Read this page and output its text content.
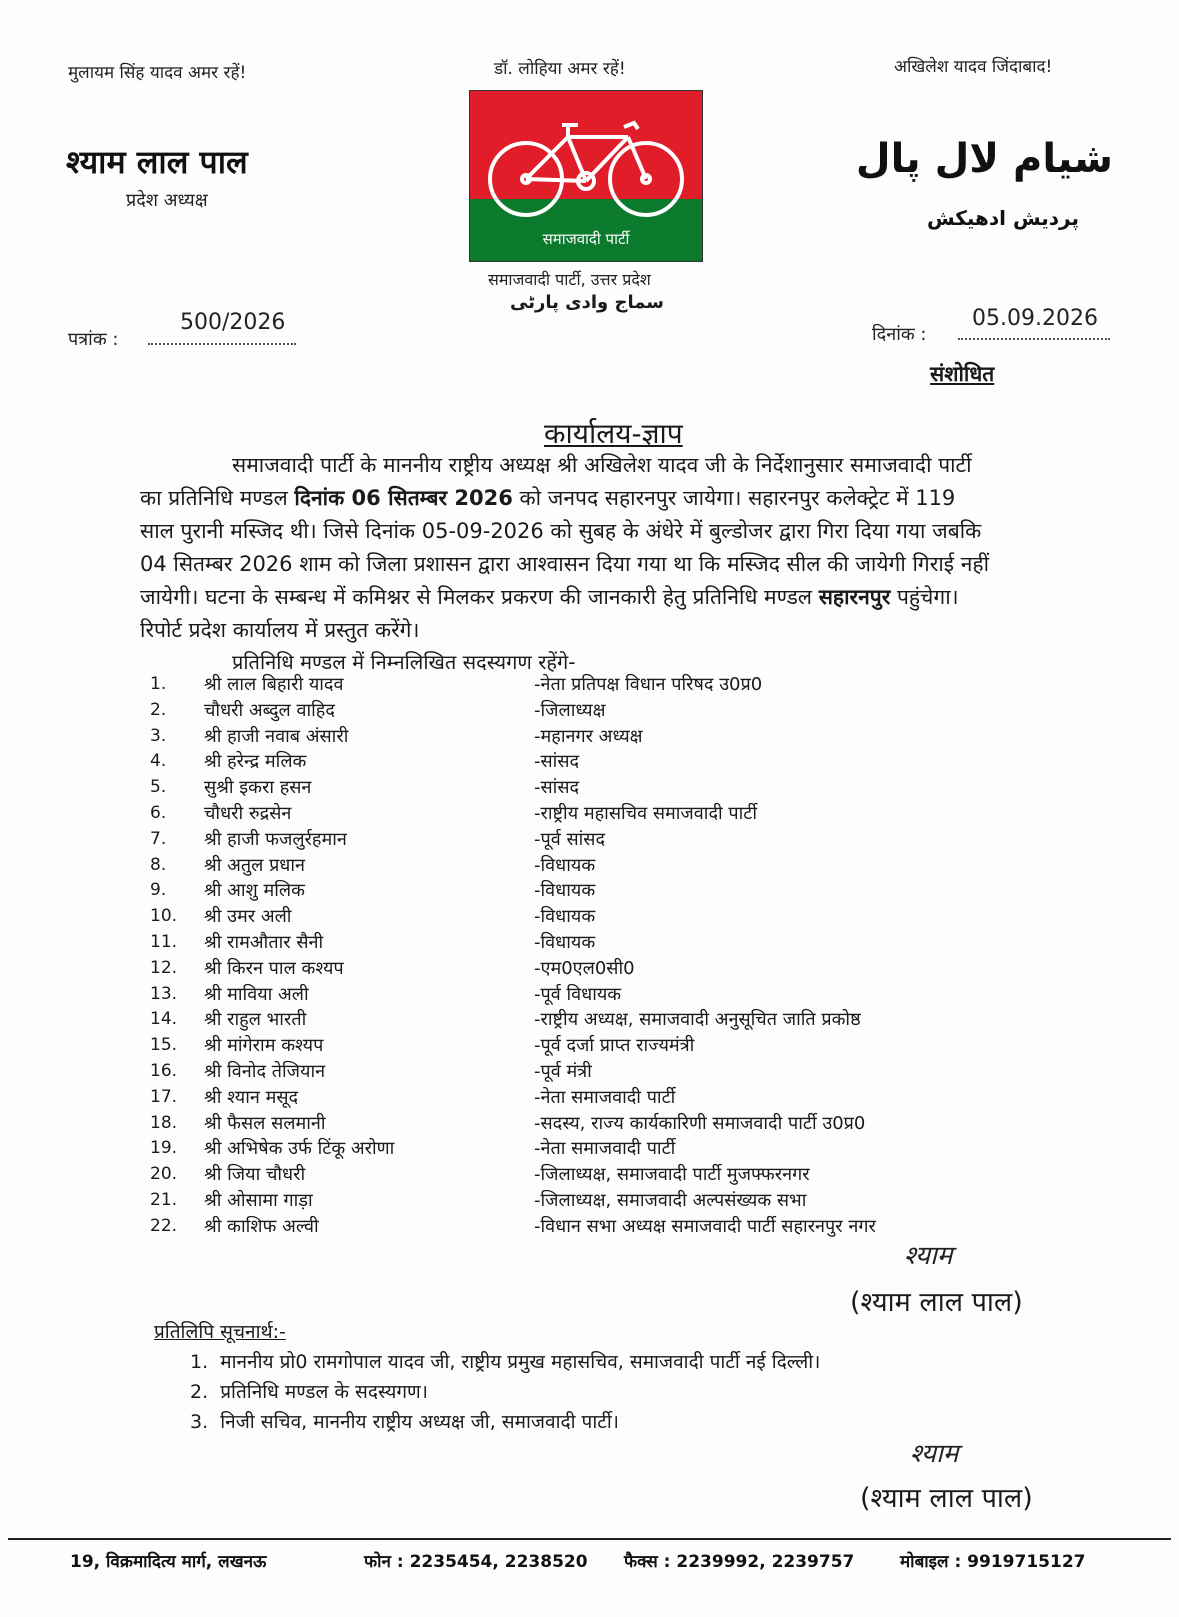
मुलायम सिंह यादव अमर रहें!	डॉ. लोहिया अमर रहें!	अखिलेश यादव जिंदाबाद!
श्याम लाल पाल
प्रदेश अध्यक्ष
شیام لال پال
پردیش ادھیکش
समाजवादी पार्टी
समाजवादी पार्टी, उत्तर प्रदेश
سماج وادی پارٹی
पत्रांक :
500/2026	दिनांक :
05.09.2026
संशोधित
कार्यालय-ज्ञाप
समाजवादी पार्टी के माननीय राष्ट्रीय अध्यक्ष श्री अखिलेश यादव जी के निर्देशानुसार समाजवादी पार्टी
का प्रतिनिधि मण्डल दिनांक 06 सितम्बर 2026 को जनपद सहारनपुर जायेगा। सहारनपुर कलेक्ट्रेट में 119
साल पुरानी मस्जिद थी। जिसे दिनांक 05-09-2026 को सुबह के अंधेरे में बुल्डोजर द्वारा गिरा दिया गया जबकि
04 सितम्बर 2026 शाम को जिला प्रशासन द्वारा आश्वासन दिया गया था कि मस्जिद सील की जायेगी गिराई नहीं
जायेगी। घटना के सम्बन्ध में कमिश्नर से मिलकर प्रकरण की जानकारी हेतु प्रतिनिधि मण्डल सहारनपुर पहुंचेगा।
रिपोर्ट प्रदेश कार्यालय में प्रस्तुत करेंगे।
प्रतिनिधि मण्डल में निम्नलिखित सदस्यगण रहेंगे-
1. श्री लाल बिहारी यादव	-नेता प्रतिपक्ष विधान परिषद उ0प्र0
2. चौधरी अब्दुल वाहिद	-जिलाध्यक्ष
3. श्री हाजी नवाब अंसारी	-महानगर अध्यक्ष
4. श्री हरेन्द्र मलिक	-सांसद
5. सुश्री इकरा हसन	-सांसद
6. चौधरी रुद्रसेन	-राष्ट्रीय महासचिव समाजवादी पार्टी
7. श्री हाजी फजलुर्रहमान	-पूर्व सांसद
8. श्री अतुल प्रधान	-विधायक
9. श्री आशु मलिक	-विधायक
10. श्री उमर अली	-विधायक
11. श्री रामऔतार सैनी	-विधायक
12. श्री किरन पाल कश्यप	-एम0एल0सी0
13. श्री माविया अली	-पूर्व विधायक
14. श्री राहुल भारती	-राष्ट्रीय अध्यक्ष, समाजवादी अनुसूचित जाति प्रकोष्ठ
15. श्री मांगेराम कश्यप	-पूर्व दर्जा प्राप्त राज्यमंत्री
16. श्री विनोद तेजियान	-पूर्व मंत्री
17. श्री श्यान मसूद	-नेता समाजवादी पार्टी
18. श्री फैसल सलमानी	-सदस्य, राज्य कार्यकारिणी समाजवादी पार्टी उ0प्र0
19. श्री अभिषेक उर्फ टिंकू अरोणा	-नेता समाजवादी पार्टी
20. श्री जिया चौधरी	-जिलाध्यक्ष, समाजवादी पार्टी मुजफ्फरनगर
21. श्री ओसामा गाड़ा	-जिलाध्यक्ष, समाजवादी अल्पसंख्यक सभा
22. श्री काशिफ अल्वी	-विधान सभा अध्यक्ष समाजवादी पार्टी सहारनपुर नगर
श्याम
(श्याम लाल पाल)
प्रतिलिपि सूचनार्थ:-
1. माननीय प्रो0 रामगोपाल यादव जी, राष्ट्रीय प्रमुख महासचिव, समाजवादी पार्टी नई दिल्ली।
2. प्रतिनिधि मण्डल के सदस्यगण।
3. निजी सचिव, माननीय राष्ट्रीय अध्यक्ष जी, समाजवादी पार्टी।
श्याम
(श्याम लाल पाल)
19, विक्रमादित्य मार्ग, लखनऊ	फोन : 2235454, 2238520 फैक्स : 2239992, 2239757	मोबाइल : 9919715127
